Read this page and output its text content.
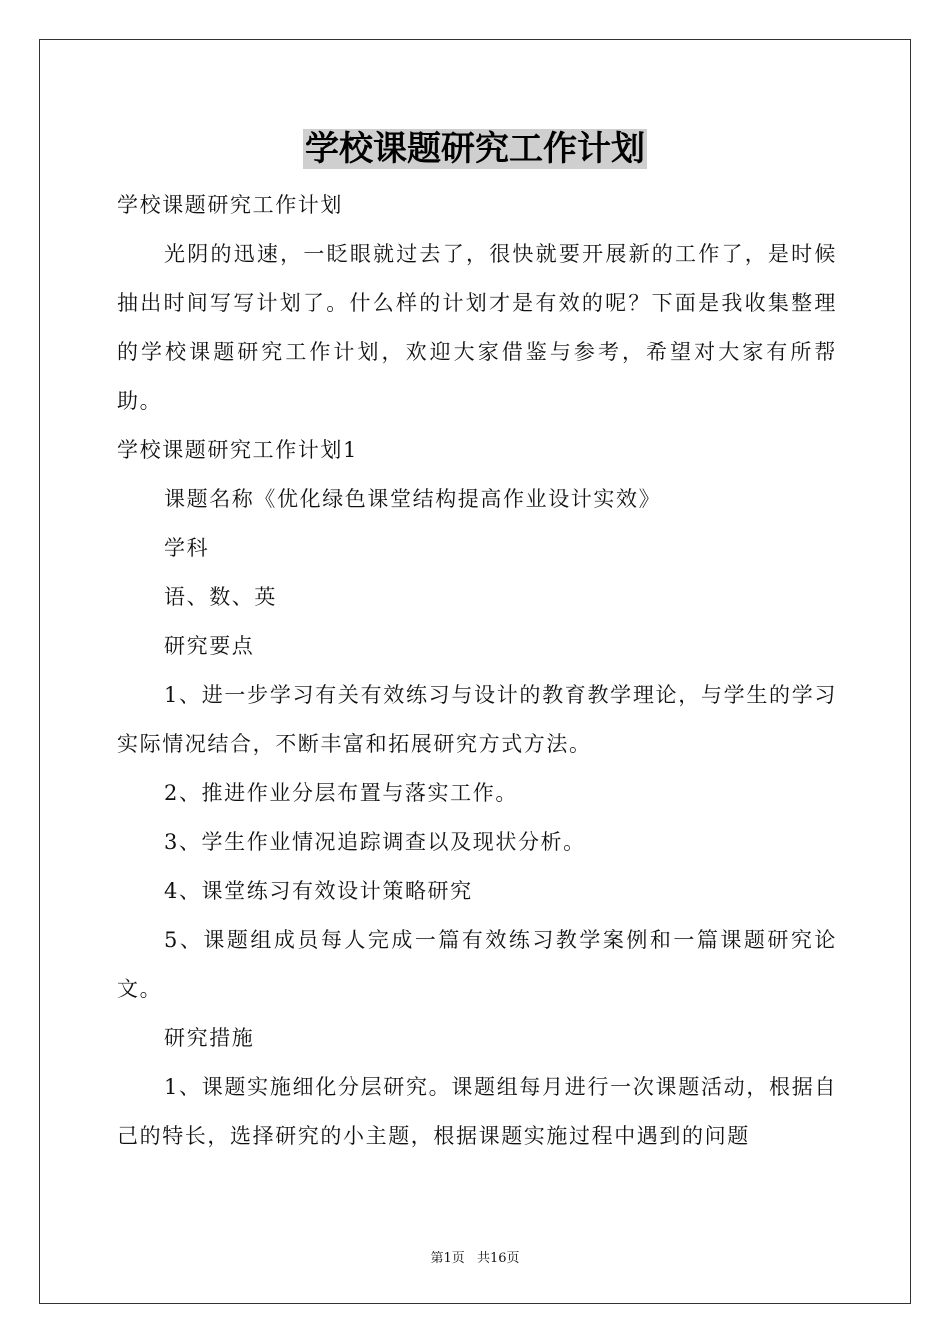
学校课题研究工作计划

学校课题研究工作计划

光阴的迅速，一眨眼就过去了，很快就要开展新的工作了，是时候抽出时间写写计划了。什么样的计划才是有效的呢？下面是我收集整理的学校课题研究工作计划，欢迎大家借鉴与参考，希望对大家有所帮助。

学校课题研究工作计划1

课题名称《优化绿色课堂结构提高作业设计实效》

学科

语、数、英

研究要点

1、进一步学习有关有效练习与设计的教育教学理论，与学生的学习实际情况结合，不断丰富和拓展研究方式方法。

2、推进作业分层布置与落实工作。

3、学生作业情况追踪调查以及现状分析。

4、课堂练习有效设计策略研究

5、课题组成员每人完成一篇有效练习教学案例和一篇课题研究论文。

研究措施

1、课题实施细化分层研究。课题组每月进行一次课题活动，根据自己的特长，选择研究的小主题，根据课题实施过程中遇到的问题

第1页 共16页
